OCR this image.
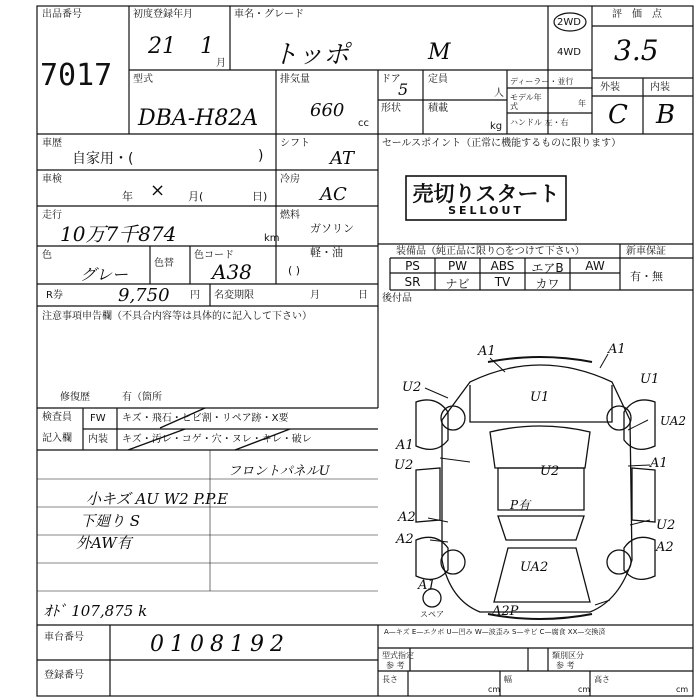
出品番号
7017
初度登録年月
21 1
月
車名・グレード
トッポ	M
2WD
4WD
評価点
3.5
型式
DBA-H82A
排気量
660
cc
ドア
5
定員
人
形状	積載
kg
ディーラー・並行
モデル年式	年
ハンドル 左・右
外装	内装
C B
車歴
自家用・(	)
シフト
AT
車検
年 × 月(	日)
冷房
AC
走行
10万7千874	km
燃料
ガソリン
軽・油
( )
色
グレー
色替
色コード
A38
R券	9,750 円 名変期限	月	日
注意事項申告欄（不具合内容等は具体的に記入して下さい）
修復歴	有（箇所
検査員
記入欄
FW キズ・飛石・ヒビ割・リペア跡・X要
内装 キズ・汚レ・コゲ・穴・ヌレ・キレ・破レ
フロントパネルU
小キズ AU W2 P.P.E
下廻り S
外AW有
ｵﾄﾞ 107,875 k
セールスポイント（正常に機能するものに限ります）
売切りスタート
SELLOUT
装備品（純正品に限り○をつけて下さい）	新車保証
有・無
PS	PW	ABS	エアB	AW
SR	ナビ	TV	カワ
後付品
A1	A1
U1
U2
U1
UA2
A1
U2	U2
A1
A2
U2
A2
A2
UA2
A1
A2P
P有
スペア
A—キズ E—エクボ U—凹み W—波歪み S—サビ C—腐食 XX—交換済
車台番号	0108192
登録番号
型式指定
参 考
類別区分
参 考
長さ
cm
幅
cm
高さ
cm
